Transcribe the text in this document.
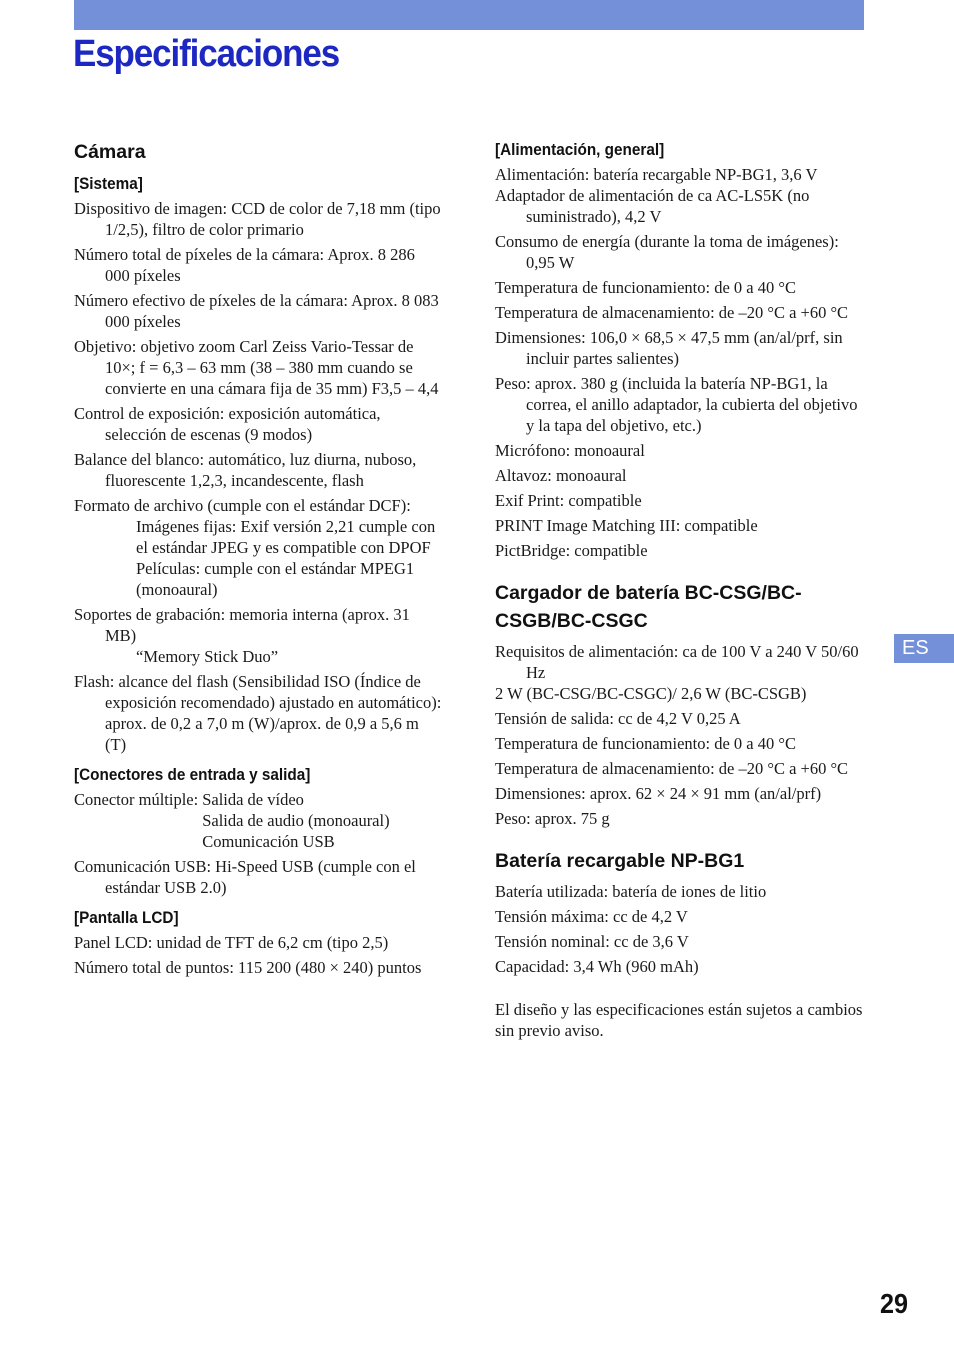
Especificaciones
Cámara
[Sistema]

Dispositivo de imagen: CCD de color de 7,18 mm (tipo 1/2,5), filtro de color primario

Número total de píxeles de la cámara: Aprox. 8 286 000 píxeles

Número efectivo de píxeles de la cámara: Aprox. 8 083 000 píxeles

Objetivo: objetivo zoom Carl Zeiss Vario-Tessar de 10×; f = 6,3 – 63 mm (38 – 380 mm cuando se convierte en una cámara fija de 35 mm) F3,5 – 4,4

Control de exposición: exposición automática, selección de escenas (9 modos)

Balance del blanco: automático, luz diurna, nuboso, fluorescente 1,2,3, incandescente, flash

Formato de archivo (cumple con el estándar DCF):
Imágenes fijas: Exif versión 2,21 cumple con el estándar JPEG y es compatible con DPOF
Películas: cumple con el estándar MPEG1 (monoaural)
Soportes de grabación: memoria interna (aprox. 31 MB)
“Memory Stick Duo”

Flash: alcance del flash (Sensibilidad ISO (Índice de exposición recomendado) ajustado en automático): aprox. de 0,2 a 7,0 m (W)/aprox. de 0,9 a 5,6 m (T)

[Conectores de entrada y salida]
Conector múltiple: Salida de vídeo
Salida de audio (monoaural)
Comunicación USB

Comunicación USB: Hi-Speed USB (cumple con el estándar USB 2.0)

[Pantalla LCD]

Panel LCD: unidad de TFT de 6,2 cm (tipo 2,5)

Número total de puntos: 115 200 (480 × 240) puntos

[Alimentación, general]
Alimentación: batería recargable NP-BG1, 3,6 V
Adaptador de alimentación de ca AC-LS5K (no suministrado), 4,2 V

Consumo de energía (durante la toma de imágenes): 0,95 W

Temperatura de funcionamiento: de 0 a 40 °C

Temperatura de almacenamiento: de –20 °C a +60 °C

Dimensiones: 106,0 × 68,5 × 47,5 mm (an/al/prf, sin incluir partes salientes)

Peso: aprox. 380 g (incluida la batería NP-BG1, la correa, el anillo adaptador, la cubierta del objetivo y la tapa del objetivo, etc.)

Micrófono: monoaural

Altavoz: monoaural

Exif Print: compatible

PRINT Image Matching III: compatible

PictBridge: compatible

Cargador de batería BC-CSG/BC-CSGB/BC-CSGC
Requisitos de alimentación: ca de 100 V a 240 V 50/60 Hz
2 W (BC-CSG/BC-CSGC)/ 2,6 W (BC-CSGB)

Tensión de salida: cc de 4,2 V 0,25 A

Temperatura de funcionamiento: de 0 a 40 °C

Temperatura de almacenamiento: de –20 °C a +60 °C

Dimensiones: aprox. 62 × 24 × 91 mm (an/al/prf)

Peso: aprox. 75 g

Batería recargable NP-BG1

Batería utilizada: batería de iones de litio

Tensión máxima: cc de 4,2 V

Tensión nominal: cc de 3,6 V

Capacidad: 3,4 Wh (960 mAh)

El diseño y las especificaciones están sujetos a cambios sin previo aviso.

ES
29
